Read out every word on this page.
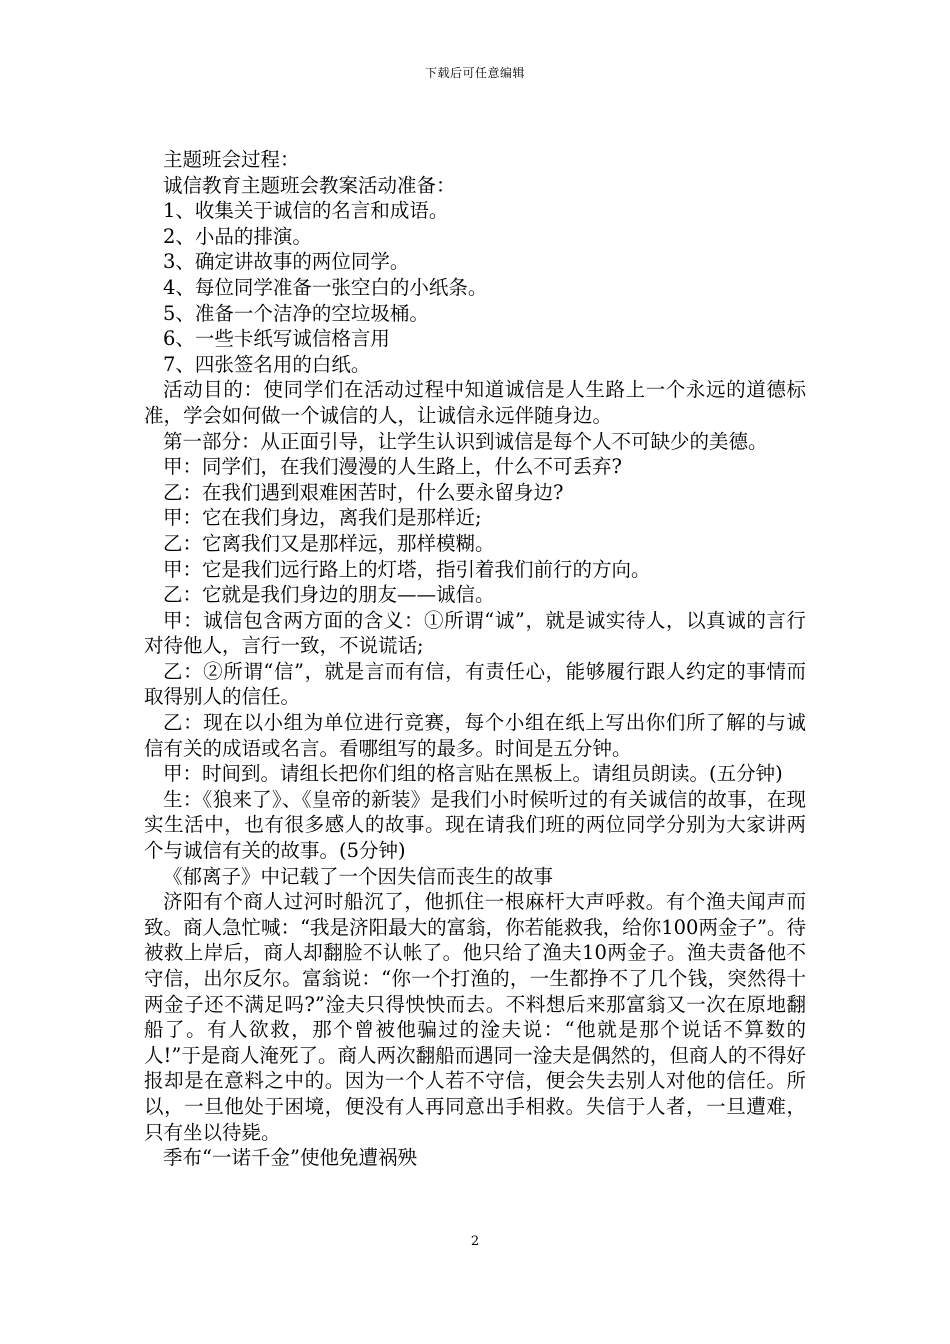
下载后可任意编辑

主题班会过程：

诚信教育主题班会教案活动准备：

1、收集关于诚信的名言和成语。

2、小品的排演。

3、确定讲故事的两位同学。

4、每位同学准备一张空白的小纸条。

5、准备一个洁净的空垃圾桶。

6、一些卡纸写诚信格言用

7、四张签名用的白纸。

活动目的：使同学们在活动过程中知道诚信是人生路上一个永远的道德标准，学会如何做一个诚信的人，让诚信永远伴随身边。

第一部分：从正面引导，让学生认识到诚信是每个人不可缺少的美德。

甲：同学们，在我们漫漫的人生路上，什么不可丢弃?

乙：在我们遇到艰难困苦时，什么要永留身边?

甲：它在我们身边，离我们是那样近;

乙：它离我们又是那样远，那样模糊。

甲：它是我们远行路上的灯塔，指引着我们前行的方向。

乙：它就是我们身边的朋友——诚信。

甲：诚信包含两方面的含义：①所谓“诚”，就是诚实待人，以真诚的言行对待他人，言行一致，不说谎话;

乙：②所谓“信”，就是言而有信，有责任心，能够履行跟人约定的事情而取得别人的信任。

乙：现在以小组为单位进行竞赛，每个小组在纸上写出你们所了解的与诚信有关的成语或名言。看哪组写的最多。时间是五分钟。

甲：时间到。请组长把你们组的格言贴在黑板上。请组员朗读。(五分钟)

生：《狼来了》、《皇帝的新装》是我们小时候听过的有关诚信的故事，在现实生活中，也有很多感人的故事。现在请我们班的两位同学分别为大家讲两个与诚信有关的故事。(5分钟)

《郁离子》中记载了一个因失信而丧生的故事

济阳有个商人过河时船沉了，他抓住一根麻杆大声呼救。有个渔夫闻声而致。商人急忙喊：“我是济阳最大的富翁，你若能救我，给你100两金子”。待被救上岸后，商人却翻脸不认帐了。他只给了渔夫10两金子。渔夫责备他不守信，出尔反尔。富翁说：“你一个打渔的，一生都挣不了几个钱，突然得十两金子还不满足吗?”淦夫只得怏怏而去。不料想后来那富翁又一次在原地翻船了。有人欲救，那个曾被他骗过的淦夫说：“他就是那个说话不算数的人!”于是商人淹死了。商人两次翻船而遇同一淦夫是偶然的，但商人的不得好报却是在意料之中的。因为一个人若不守信，便会失去别人对他的信任。所以，一旦他处于困境，便没有人再同意出手相救。失信于人者，一旦遭难，只有坐以待毙。

季布“一诺千金”使他免遭祸殃

2
